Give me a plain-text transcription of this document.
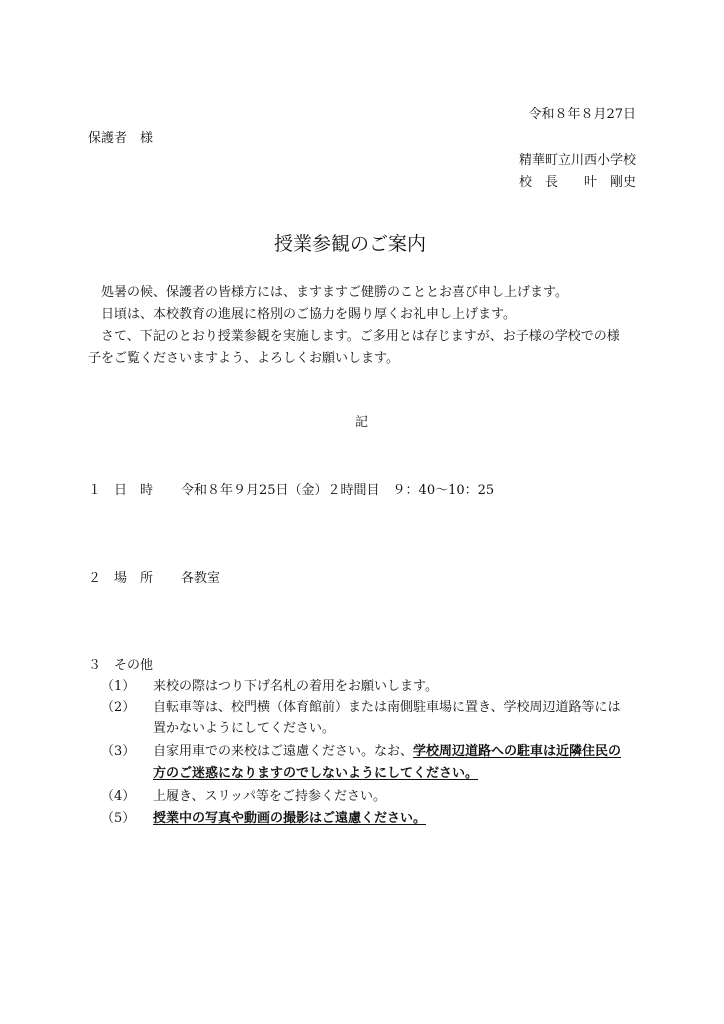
令和８年８月27日
保護者　様
精華町立川西小学校
校　長　　叶　剛史
授業参観のご案内
処暑の候、保護者の皆様方には、ますますご健勝のこととお喜び申し上げます。
日頃は、本校教育の進展に格別のご協力を賜り厚くお礼申し上げます。
さて、下記のとおり授業参観を実施します。ご多用とは存じますが、お子様の学校での様
子をご覧くださいますよう、よろしくお願いします。
記
１ 日　時 令和８年９月25日（金）２時間目　９：40～10：25
２ 場　所 各教室
３　その他
（1） 来校の際はつり下げ名札の着用をお願いします。
（2） 自転車等は、校門横（体育館前）または南側駐車場に置き、学校周辺道路等には
置かないようにしてください。
（3） 自家用車での来校はご遠慮ください。なお、学校周辺道路への駐車は近隣住民の
方のご迷惑になりますのでしないようにしてください。
（4） 上履き、スリッパ等をご持参ください。
（5） 授業中の写真や動画の撮影はご遠慮ください。
